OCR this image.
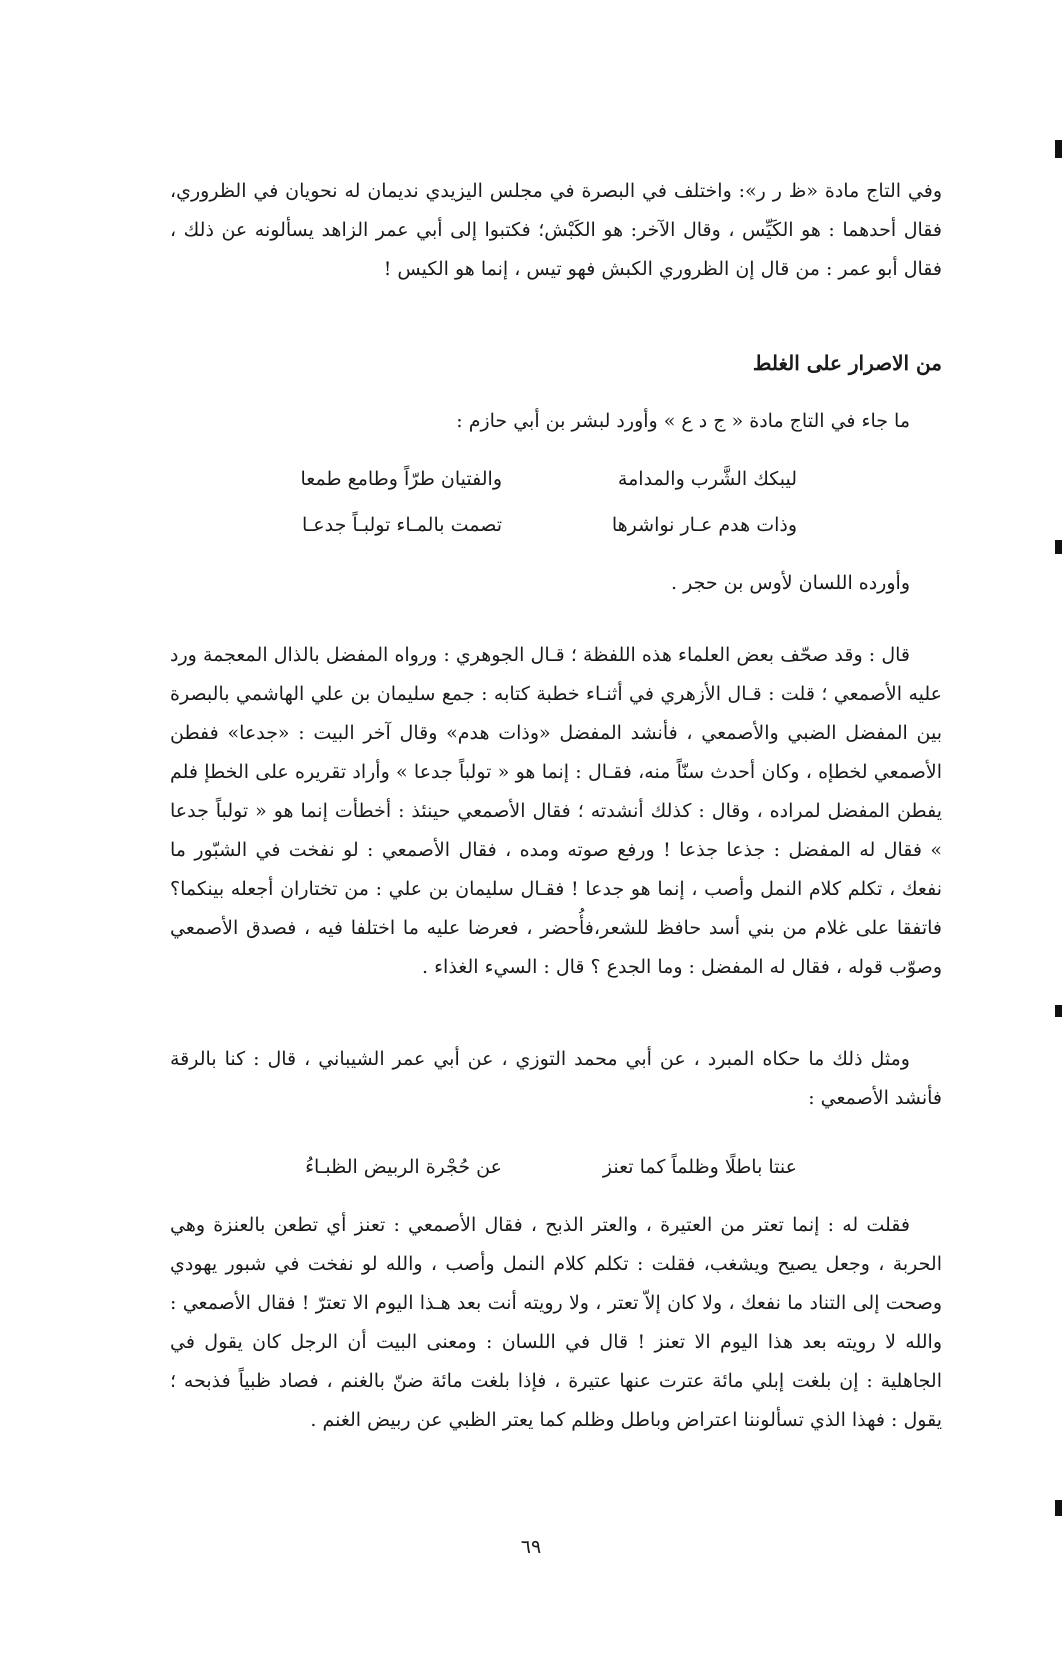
وفي التاج مادة «ظ ر ر»: واختلف في البصرة في مجلس اليزيدي نديمان له نحويان في الظروري، فقال أحدهما : هو الكَيِّس ، وقال الآخر: هو الكَبْش؛ فكتبوا إلى أبي عمر الزاهد يسألونه عن ذلك ، فقال أبو عمر : من قال إن الظروري الكبش فهو تيس ، إنما هو الكيس !

من الاصرار على الغلط

ما جاء في التاج مادة « ج د ع » وأورد لبشر بن أبي حازم :

ليبكك الشَّرب والمدامة
والفتيان طرّاً وطامع طمعا
وذات هدم عـار نواشرها
تصمت بالمـاء تولبـاً جدعـا

وأورده اللسان لأوس بن حجر .

قال : وقد صحّف بعض العلماء هذه اللفظة ؛ قـال الجوهري : ورواه المفضل بالذال المعجمة ورد عليه الأصمعي ؛ قلت : قـال الأزهري في أثنـاء خطبة كتابه : جمع سليمان بن علي الهاشمي بالبصرة بين المفضل الضبي والأصمعي ، فأنشد المفضل «وذات هدم» وقال آخر البيت : «جدعا» ففطن الأصمعي لخطإه ، وكان أحدث سنّاً منه، فقـال : إنما هو « تولباً جدعا » وأراد تقريره على الخطإ فلم يفطن المفضل لمراده ، وقال : كذلك أنشدته ؛ فقال الأصمعي حينئذ : أخطأت إنما هو « تولباً جدعا » فقال له المفضل : جذعا جذعا ! ورفع صوته ومده ، فقال الأصمعي : لو نفخت في الشبّور ما نفعك ، تكلم كلام النمل وأصب ، إنما هو جدعا ! فقـال سليمان بن علي : من تختاران أجعله بينكما؟ فاتفقا على غلام من بني أسد حافظ للشعر،فأُحضر ، فعرضا عليه ما اختلفا فيه ، فصدق الأصمعي وصوّب قوله ، فقال له المفضل : وما الجدع ؟ قال : السيء الغذاء .

ومثل ذلك ما حكاه المبرد ، عن أبي محمد التوزي ، عن أبي عمر الشيباني ، قال : كنا بالرقة فأنشد الأصمعي :

عنتا باطلًا وظلماً كما تعنز
عن حُجْرة الربيض الظبـاءُ

فقلت له : إنما تعتر من العتيرة ، والعتر الذبح ، فقال الأصمعي : تعنز أي تطعن بالعنزة وهي الحربة ، وجعل يصيح ويشغب، فقلت : تكلم كلام النمل وأصب ، والله لو نفخت في شبور يهودي وصحت إلى التناد ما نفعك ، ولا كان إلاّ تعتر ، ولا رويته أنت بعد هـذا اليوم الا تعترّ ! فقال الأصمعي : والله لا رويته بعد هذا اليوم الا تعنز ! قال في اللسان : ومعنى البيت أن الرجل كان يقول في الجاهلية : إن بلغت إبلي مائة عترت عنها عتيرة ، فإذا بلغت مائة ضنّ بالغنم ، فصاد ظبياً فذبحه ؛ يقول : فهذا الذي تسألوننا اعتراض وباطل وظلم كما يعتر الظبي عن ربيض الغنم .

٦٩
